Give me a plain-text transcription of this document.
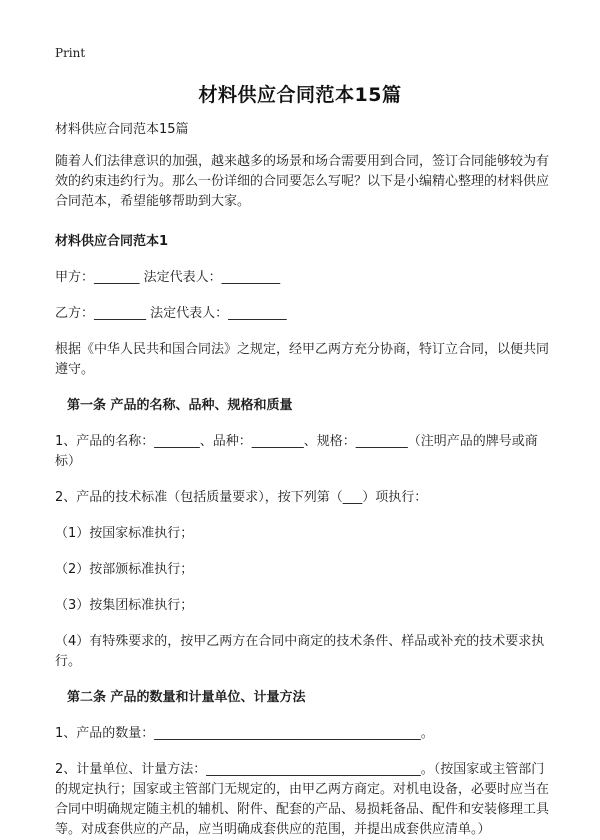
Print
材料供应合同范本15篇

材料供应合同范本15篇

随着人们法律意识的加强，越来越多的场景和场合需要用到合同，签订合同能够较为有效的约束违约行为。那么一份详细的合同要怎么写呢？以下是小编精心整理的材料供应合同范本，希望能够帮助到大家。

材料供应合同范本1

甲方：_______ 法定代表人：_________

乙方：________ 法定代表人：_________

根据《中华人民共和国合同法》之规定，经甲乙两方充分协商，特订立合同，以便共同遵守。

第一条 产品的名称、品种、规格和质量

1、产品的名称：_______、品种：________、规格：________（注明产品的牌号或商标）

2、产品的技术标准（包括质量要求），按下列第（___）项执行：

（1）按国家标准执行；

（2）按部颁标准执行；

（3）按集团标准执行；

（4）有特殊要求的，按甲乙两方在合同中商定的技术条件、样品或补充的技术要求执行。

第二条 产品的数量和计量单位、计量方法

1、产品的数量：_________________________________________。

2、计量单位、计量方法：_________________________________。（按国家或主管部门的规定执行；国家或主管部门无规定的，由甲乙两方商定。对机电设备，必要时应当在合同中明确规定随主机的辅机、附件、配套的产品、易损耗备品、配件和安装修理工具等。对成套供应的产品，应当明确成套供应的范围，并提出成套供应清单。）
